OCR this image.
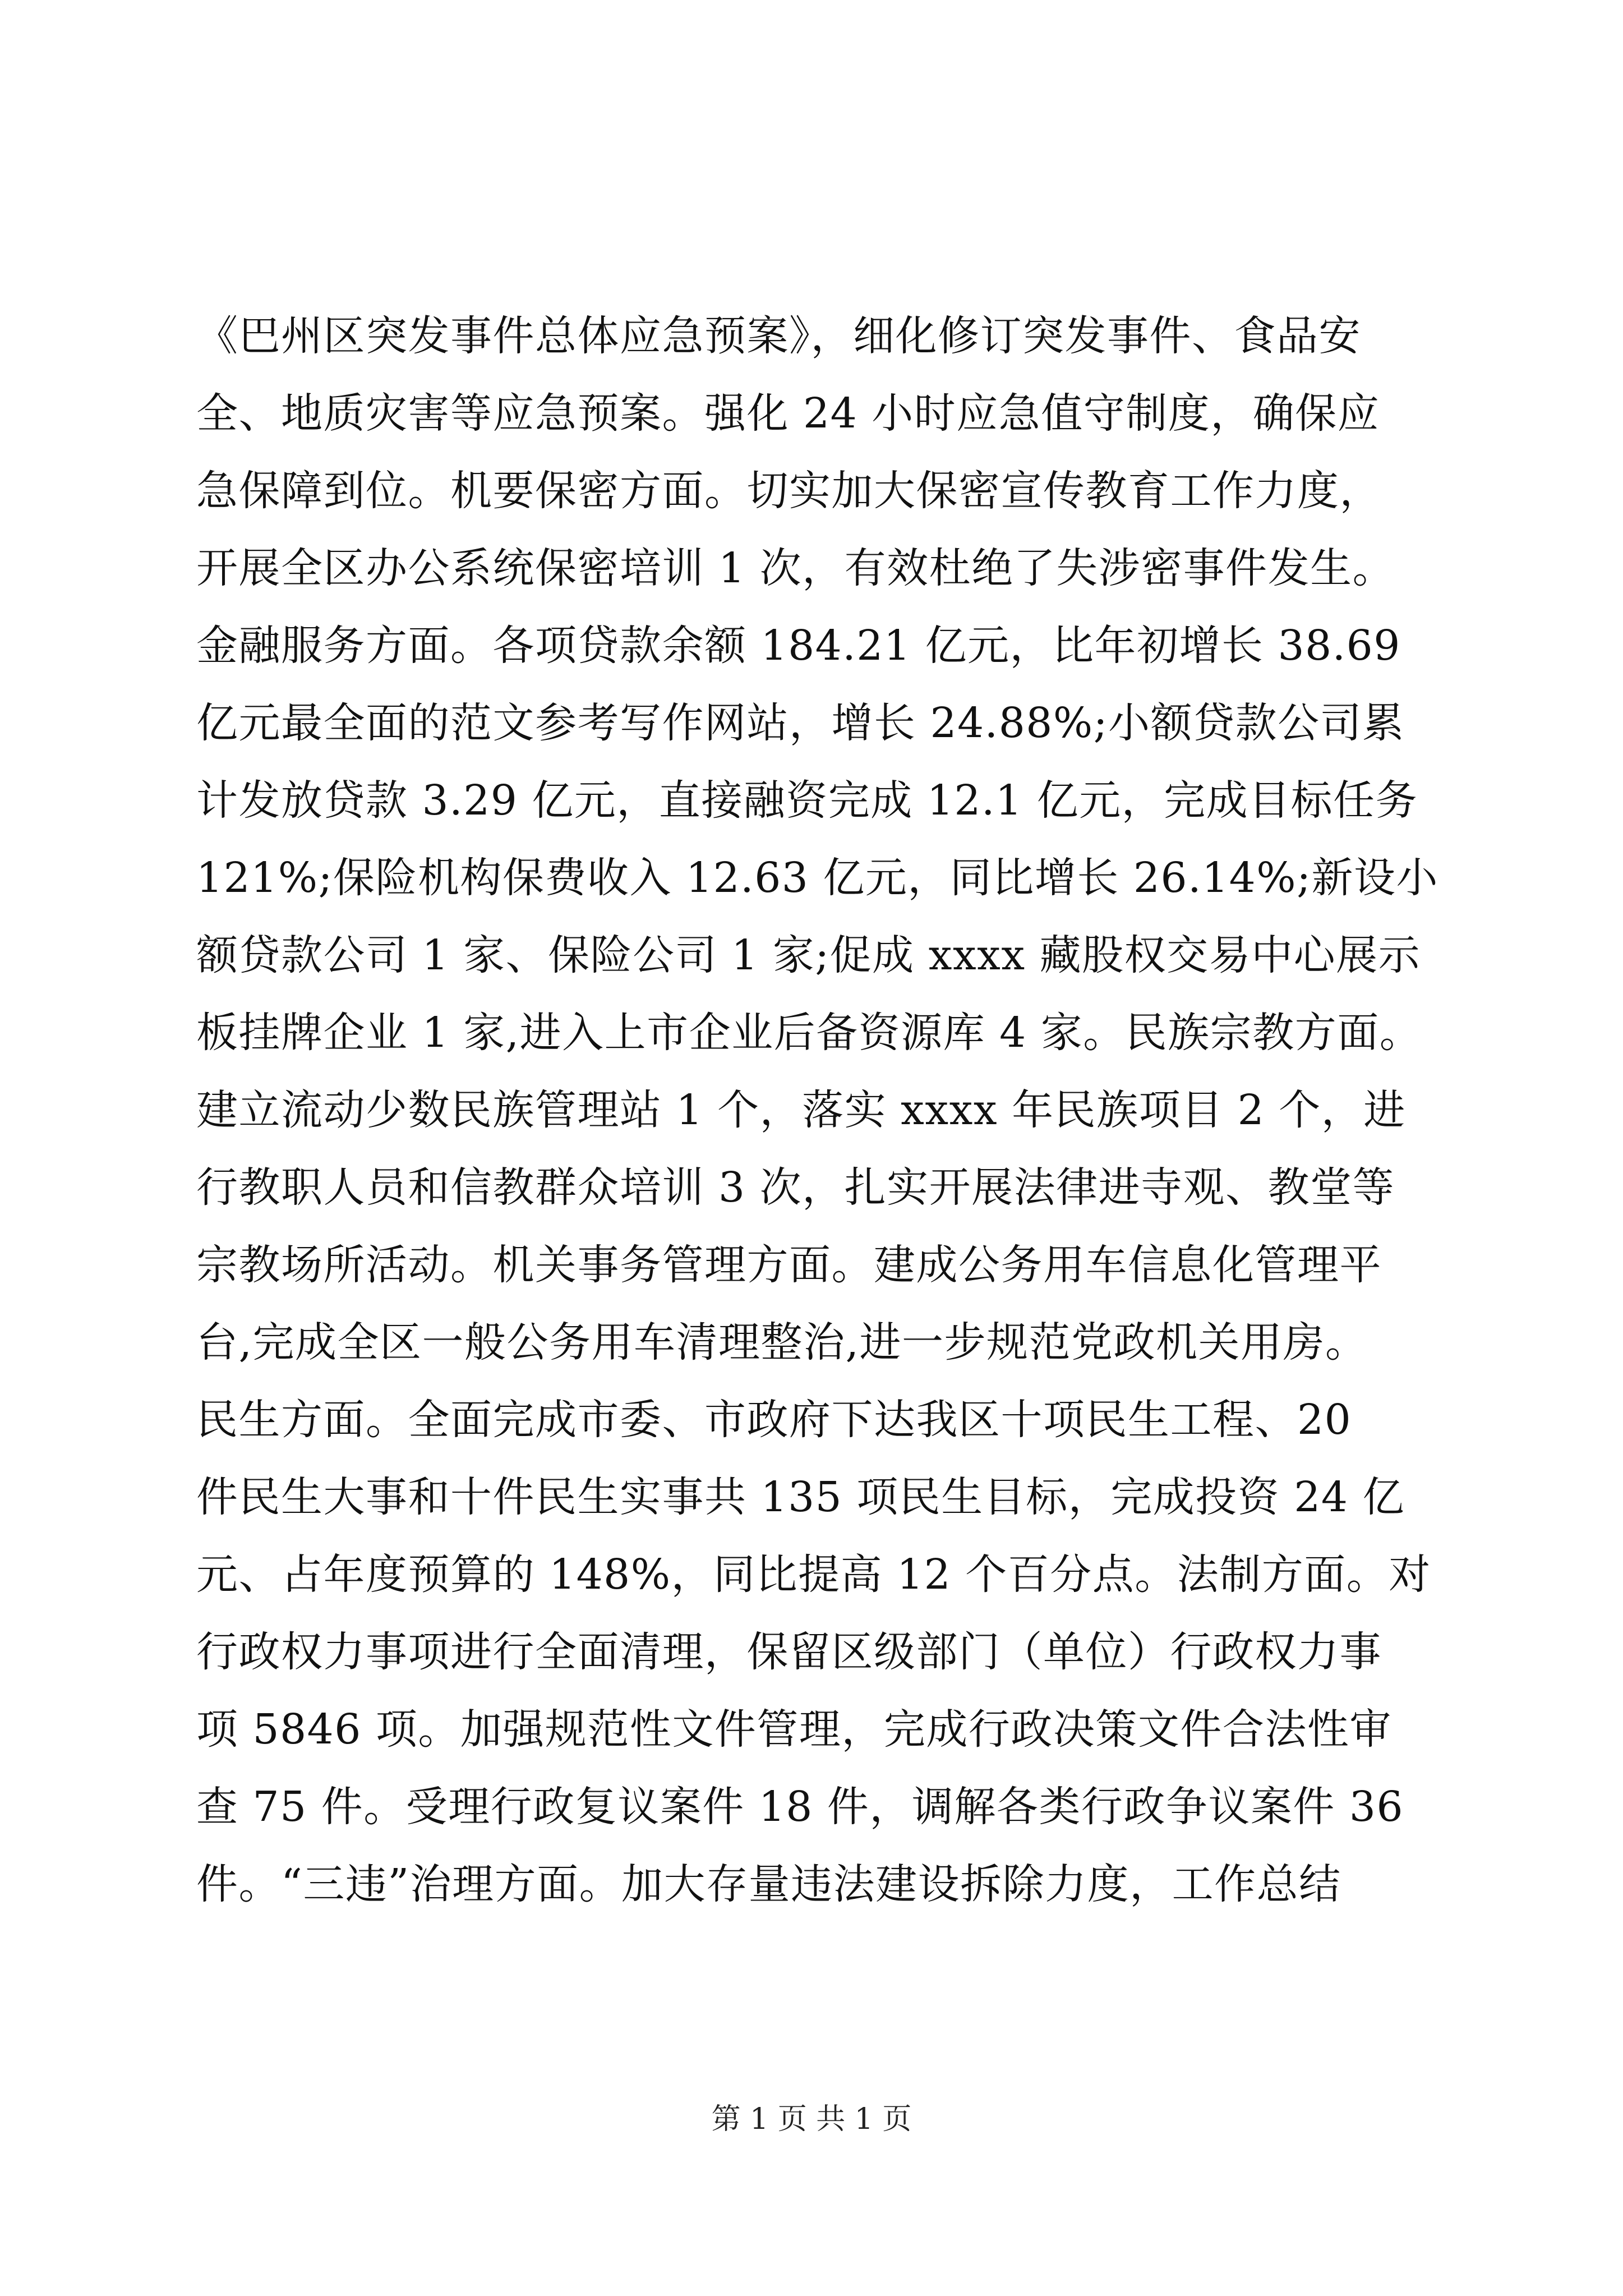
《巴州区突发事件总体应急预案》，细化修订突发事件、食品安
全、地质灾害等应急预案。强化 24 小时应急值守制度，确保应
急保障到位。机要保密方面。切实加大保密宣传教育工作力度，
开展全区办公系统保密培训 1 次，有效杜绝了失涉密事件发生。
金融服务方面。各项贷款余额 184.21 亿元，比年初增长 38.69
亿元最全面的范文参考写作网站，增长 24.88%;小额贷款公司累
计发放贷款 3.29 亿元，直接融资完成 12.1 亿元，完成目标任务
121%;保险机构保费收入 12.63 亿元，同比增长 26.14%;新设小
额贷款公司 1 家、保险公司 1 家;促成 xxxx 藏股权交易中心展示
板挂牌企业 1 家,进入上市企业后备资源库 4 家。民族宗教方面。
建立流动少数民族管理站 1 个，落实 xxxx 年民族项目 2 个，进
行教职人员和信教群众培训 3 次，扎实开展法律进寺观、教堂等
宗教场所活动。机关事务管理方面。建成公务用车信息化管理平
台,完成全区一般公务用车清理整治,进一步规范党政机关用房。
民生方面。全面完成市委、市政府下达我区十项民生工程、20
件民生大事和十件民生实事共 135 项民生目标，完成投资 24 亿
元、占年度预算的 148%，同比提高 12 个百分点。法制方面。对
行政权力事项进行全面清理，保留区级部门（单位）行政权力事
项 5846 项。加强规范性文件管理，完成行政决策文件合法性审
查 75 件。受理行政复议案件 18 件，调解各类行政争议案件 36
件。“三违”治理方面。加大存量违法建设拆除力度，工作总结
第 1 页 共 1 页
